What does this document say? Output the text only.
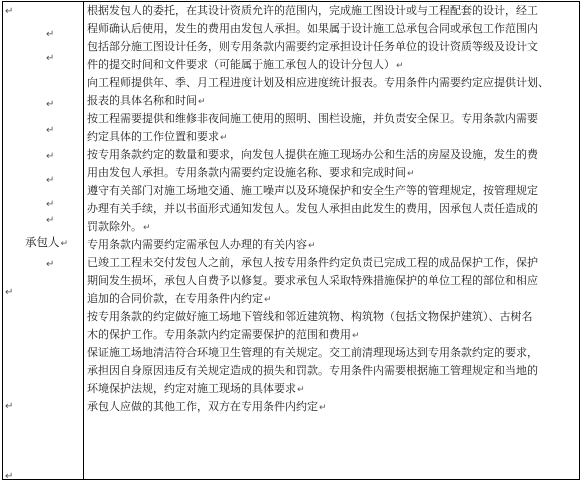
↵
↵
↵
↵
↵
↵
↵
↵
↵
↵
承包人↵
↵
↵
↵
根据发包人的委托，在其设计资质允许的范围内，完成施工图设计或与工程配套的设计，经工
程师确认后使用，发生的费用由发包人承担。如果属于设计施工总承包合同或承包工作范围内
包括部分施工图设计任务，则专用条款内需要约定承担设计任务单位的设计资质等级及设计文
件的提交时间和文件要求（可能属于施工承包人的设计分包人）↵
向工程师提供年、季、月工程进度计划及相应进度统计报表。专用条件内需要约定应提供计划、
报表的具体名称和时间↵
按工程需要提供和维修非夜间施工使用的照明、围栏设施，并负责安全保卫。专用条款内需要
约定具体的工作位置和要求↵
按专用条款约定的数量和要求，向发包人提供在施工现场办公和生活的房屋及设施，发生的费
用由发包人承担。专用条款内需要约定设施名称、要求和完成时间↵
遵守有关部门对施工场地交通、施工噪声以及环境保护和安全生产等的管理规定，按管理规定
办理有关手续，并以书面形式通知发包人。发包人承担由此发生的费用，因承包人责任造成的
罚款除外。↵
专用条款内需要约定需承包人办理的有关内容↵
已竣工工程未交付发包人之前，承包人按专用条件约定负责已完成工程的成品保护工作，保护
期间发生损坏，承包人自费予以修复。要求承包人采取特殊措施保护的单位工程的部位和相应
追加的合同价款，在专用条件内约定↵
按专用条款的约定做好施工场地下管线和邻近建筑物、构筑物（包括文物保护建筑）、古树名
木的保护工作。专用条款内约定需要保护的范围和费用↵
保证施工场地清洁符合环境卫生管理的有关规定。交工前清理现场达到专用条款约定的要求，
承担因自身原因违反有关规定造成的损失和罚款。专用条件内需要根据施工管理规定和当地的
环境保护法规，约定对施工现场的具体要求↵
承包人应做的其他工作，双方在专用条件内约定↵
